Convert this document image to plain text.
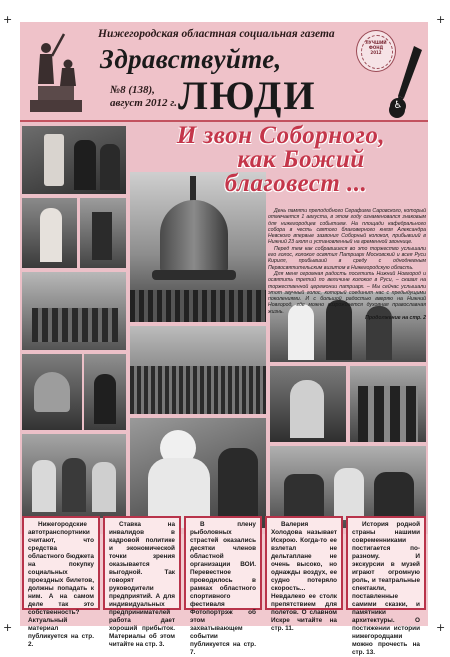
+	+
+	+
Нижегородская областная социальная газета
Здравствуйте,
№8 (138),
август 2012 г. ЛЮДИ
ЛУЧШИЙ
ФОНД
2012
♿
И звон Соборного,
как Божий
благовест ...

День памяти преподобного Серафима Саровского, который отмечается 1 августа, в этом году ознаменовался знаковым для нижегородцев событием. На площади кафедрального собора в честь святого благоверного князя Александра Невского впервые зазвонил Соборный колокол, прибывший в Нижний 23 июля и установленный на временной звоннице.

Перед тем как собравшиеся во это торжество услышали его голос, колокол освятил Патриарх Московский и всея Руси Кирилл, прибывший в среду с однодневным Первосвятительским визитом в Нижегородскую область.

Для меня огромная радость посетить Нижний Новгород и освятить третий по величине колокол в Руси, – сказал на торжественной церемонии патриарх. – Мы сейчас услышали этот звучный голос, который соединит нас с предыдущими поколениями. И с большой радостью вверяю на Нижний Новгород, где можно возрождается духовная православная жизнь.

Продолжение на стр. 2
Нижегородские автотранспортники считают, что средства областного бюджета на покупку социальных проездных билетов, должны попадать к ним. А на самом деле так это собственность? Актуальный материал публикуется на стр. 2.
Ставка на инвалидов в кадровой политике и экономической точки зрения оказывается выгодной. Так говорят руководители предприятий. А для индивидуальных предпринимателей работа дает хороший прибыток. Материалы об этом читайте на стр. 3.
В плену рыболовных страстей оказались десятки членов областной организации ВОИ. Перевестное проводилось в рамках областного спортивного фестиваля Фотопортрэж об этом захватывающем событии публикуется на стр. 7.
Валерия Холодова называет Искрою. Когда-то ее взлетал не дельтаплане не очень высоко, но однажды воздух, ее судно потеряло скорость... Невдалеко ее столк препятствием для полетов. О славном Искре читайте на стр. 11.
История родной страны нашими современниками постигается по-разному. И экскурсии в музей играют огромную роль, и театральные спектакли, поставленные самими сказки, и памятники архитектуры. О постижении истории нижегородцами можно прочесть на стр. 13.
